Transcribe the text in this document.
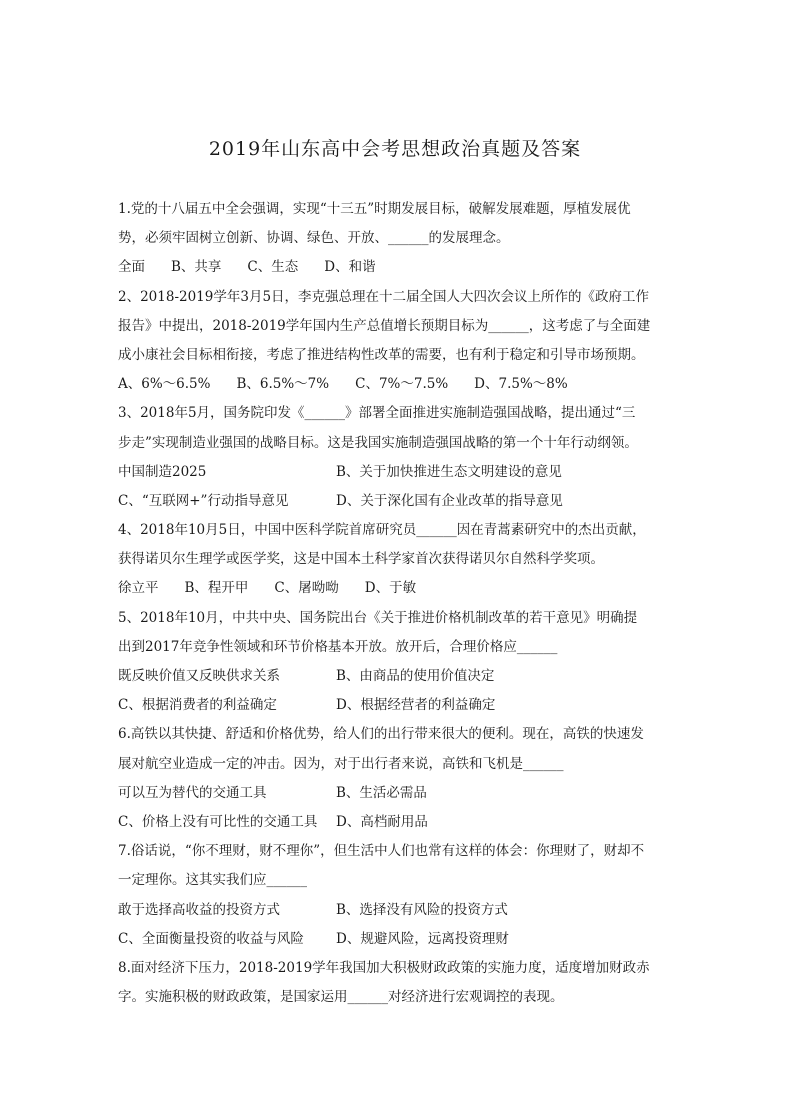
2019年山东高中会考思想政治真题及答案
1.党的十八届五中全会强调，实现“十三五”时期发展目标，破解发展难题，厚植发展优
势，必须牢固树立创新、协调、绿色、开放、______的发展理念。
全面 B、共享 C、生态 D、和谐
2、2018-2019学年3月5日，李克强总理在十二届全国人大四次会议上所作的《政府工作
报告》中提出，2018-2019学年国内生产总值增长预期目标为______，这考虑了与全面建
成小康社会目标相衔接，考虑了推进结构性改革的需要，也有利于稳定和引导市场预期。
A、6%～6.5% B、6.5%～7% C、7%～7.5% D、7.5%～8%
3、2018年5月，国务院印发《______》部署全面推进实施制造强国战略，提出通过“三
步走”实现制造业强国的战略目标。这是我国实施制造强国战略的第一个十年行动纲领。
中国制造2025	B、关于加快推进生态文明建设的意见
C、“互联网+”行动指导意见	D、关于深化国有企业改革的指导意见
4、2018年10月5日，中国中医科学院首席研究员______因在青蒿素研究中的杰出贡献，
获得诺贝尔生理学或医学奖，这是中国本土科学家首次获得诺贝尔自然科学奖项。
徐立平 B、程开甲 C、屠呦呦 D、于敏
5、2018年10月，中共中央、国务院出台《关于推进价格机制改革的若干意见》明确提
出到2017年竞争性领域和环节价格基本开放。放开后，合理价格应______
既反映价值又反映供求关系	B、由商品的使用价值决定
C、根据消费者的利益确定	D、根据经营者的利益确定
6.高铁以其快捷、舒适和价格优势，给人们的出行带来很大的便利。现在，高铁的快速发
展对航空业造成一定的冲击。因为，对于出行者来说，高铁和飞机是______
可以互为替代的交通工具	B、生活必需品
C、价格上没有可比性的交通工具 D、高档耐用品
7.俗话说，“你不理财，财不理你”，但生活中人们也常有这样的体会：你理财了，财却不
一定理你。这其实我们应______
敢于选择高收益的投资方式	B、选择没有风险的投资方式
C、全面衡量投资的收益与风险 D、规避风险，远离投资理财
8.面对经济下压力，2018-2019学年我国加大积极财政政策的实施力度，适度增加财政赤
字。实施积极的财政政策，是国家运用______对经济进行宏观调控的表现。
